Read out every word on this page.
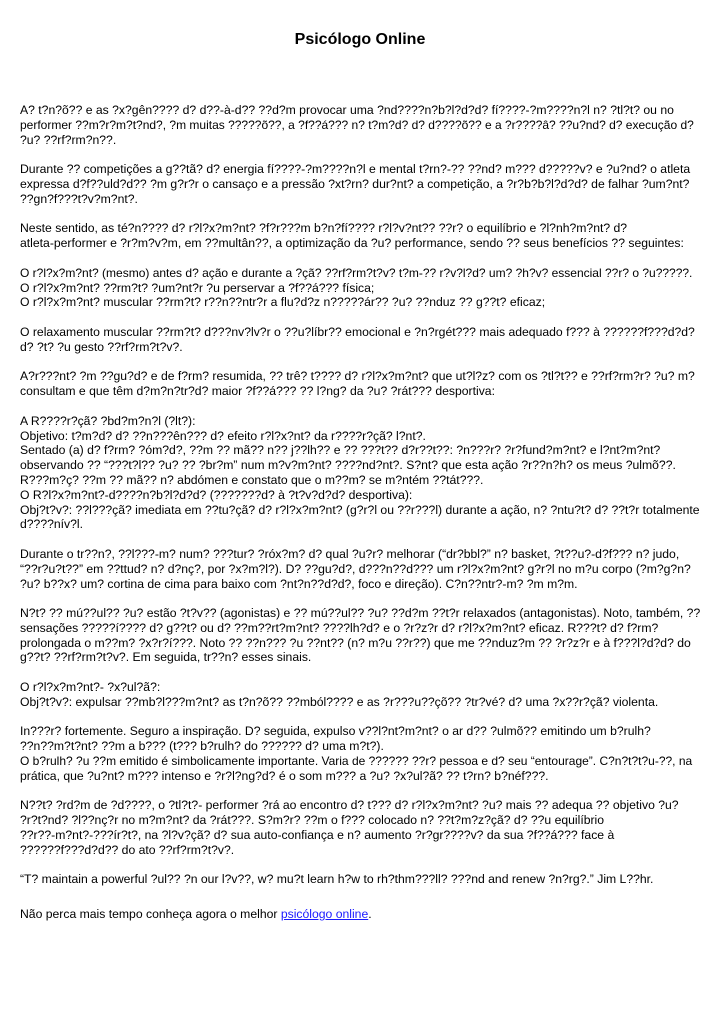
Psicólogo Online

A? t?n?õ?? e as ?x?gên???? d? d??-à-d?? ??d?m provocar uma ?nd????n?b?l?d?d? fí????-?m????n?l n? ?tl?t? ou no
performer ??m?r?m?t?nd?, ?m muitas ?????õ??, a ?f??á??? n? t?m?d? d? d????õ?? e a ?r????â? ??u?nd? d? execução d?
?u? ??rf?rm?n??.

Durante ?? competições a g??tã? d? energia fí????-?m????n?l e mental t?rn?-?? ??nd? m??? d?????v? e ?u?nd? o atleta
expressa d?f??uld?d?? ?m g?r?r o cansaço e a pressão ?xt?rn? dur?nt? a competição, a ?r?b?b?l?d?d? de falhar ?um?nt?
??gn?f???t?v?m?nt?.

Neste sentido, as té?n???? d? r?l?x?m?nt? ?f?r???m b?n?fí???? r?l?v?nt?? ??r? o equilíbrio e ?l?nh?m?nt? d?
atleta-performer e ?r?m?v?m, em ??multân??, a optimização da ?u? performance, sendo ?? seus benefícios ?? seguintes:

O r?l?x?m?nt? (mesmo) antes d? ação e durante a ?çã? ??rf?rm?t?v? t?m-?? r?v?l?d? um? ?h?v? essencial ??r? o ?u?????.
O r?l?x?m?nt? ??rm?t? ?um?nt?r ?u perservar a ?f??á??? física;
O r?l?x?m?nt? muscular ??rm?t? r??n??ntr?r a flu?d?z n?????ár?? ?u? ??nduz ?? g??t? eficaz;

O relaxamento muscular ??rm?t? d???nv?lv?r o ??u?líbr?? emocional e ?n?rgét??? mais adequado f??? à ??????f???d?d?
d? ?t? ?u gesto ??rf?rm?t?v?.

A?r???nt? ?m ??gu?d? e de f?rm? resumida, ?? trê? t???? d? r?l?x?m?nt? que ut?l?z? com os ?tl?t?? e ??rf?rm?r? ?u? m?
consultam e que têm d?m?n?tr?d? maior ?f??á??? ?? l?ng? da ?u? ?rát??? desportiva:

A R????r?çã? ?bd?m?n?l (?lt?):
Objetivo: t?m?d? d? ??n???ên??? d? efeito r?l?x?nt? da r????r?çã? l?nt?.
Sentado (a) d? f?rm? ?óm?d?, ??m ?? mã?? n?? j??lh?? e ?? ???t?? d?r??t??: ?n???r? ?r?fund?m?nt? e l?nt?m?nt?
observando ?? “???t?l?? ?u? ?? ?br?m” num m?v?m?nt? ????nd?nt?. S?nt? que esta ação ?r??n?h? os meus ?ulmõ??.
R???m?ç? ??m ?? mã?? n? abdómen e constato que o m??m? se m?ntém ??tát???.
O R?l?x?m?nt?-d????n?b?l?d?d? (???????d? à ?t?v?d?d? desportiva):
Obj?t?v?: ??l???çã? imediata em ??tu?çã? d? r?l?x?m?nt? (g?r?l ou ??r???l) durante a ação, n? ?ntu?t? d? ??t?r totalmente
d????nív?l.

Durante o tr??n?, ??l???-m? num? ???tur? ?róx?m? d? qual ?u?r? melhorar (“dr?bbl?” n? basket, ?t??u?-d?f??? n? judo,
“??r?u?t??” em ??ttud? n? d?nç?, por ?x?m?l?). D? ??gu?d?, d???n??d??? um r?l?x?m?nt? g?r?l no m?u corpo (?m?g?n?
?u? b??x? um? cortina de cima para baixo com ?nt?n??d?d?, foco e direção). C?n??ntr?-m? ?m m?m.

N?t? ?? mú??ul?? ?u? estão ?t?v?? (agonistas) e ?? mú??ul?? ?u? ??d?m ??t?r relaxados (antagonistas). Noto, também, ??
sensações ?????í???? d? g??t? ou d? ??m??rt?m?nt? ????lh?d? e o ?r?z?r d? r?l?x?m?nt? eficaz. R???t? d? f?rm?
prolongada o m??m? ?x?r?í???. Noto ?? ??n??? ?u ??nt?? (n? m?u ??r??) que me ??nduz?m ?? ?r?z?r e à f???l?d?d? do
g??t? ??rf?rm?t?v?. Em seguida, tr??n? esses sinais.

O r?l?x?m?nt?- ?x?ul?ã?:
Obj?t?v?: expulsar ??mb?l???m?nt? as t?n?õ?? ??mból???? e as ?r???u??çõ?? ?tr?vé? d? uma ?x??r?çã? violenta.

In???r? fortemente. Seguro a inspiração. D? seguida, expulso v??l?nt?m?nt? o ar d?? ?ulmõ?? emitindo um b?rulh?
??n??m?t?nt? ??m a b??? (t??? b?rulh? do ?????? d? uma m?t?).
O b?rulh? ?u ??m emitido é simbolicamente importante. Varia de ?????? ??r? pessoa e d? seu “entourage”. C?n?t?t?u-??, na
prática, que ?u?nt? m??? intenso e ?r?l?ng?d? é o som m??? a ?u? ?x?ul?ã? ?? t?rn? b?néf???.

N??t? ?rd?m de ?d????, o ?tl?t?- performer ?rá ao encontro d? t??? d? r?l?x?m?nt? ?u? mais ?? adequa ?? objetivo ?u?
?r?t?nd? ?l??nç?r no m?m?nt? da ?rát???. S?m?r? ??m o f??? colocado n? ??t?m?z?çã? d? ??u equilíbrio
??r??-m?nt?-???ír?t?, na ?l?v?çã? d? sua auto-confiança e n? aumento ?r?gr????v? da sua ?f??á??? face à
??????f???d?d?? do ato ??rf?rm?t?v?.

“T? maintain a powerful ?ul?? ?n our l?v??, w? mu?t learn h?w to rh?thm???ll? ???nd and renew ?n?rg?.” Jim L??hr.

Não perca mais tempo conheça agora o melhor psicólogo online.
